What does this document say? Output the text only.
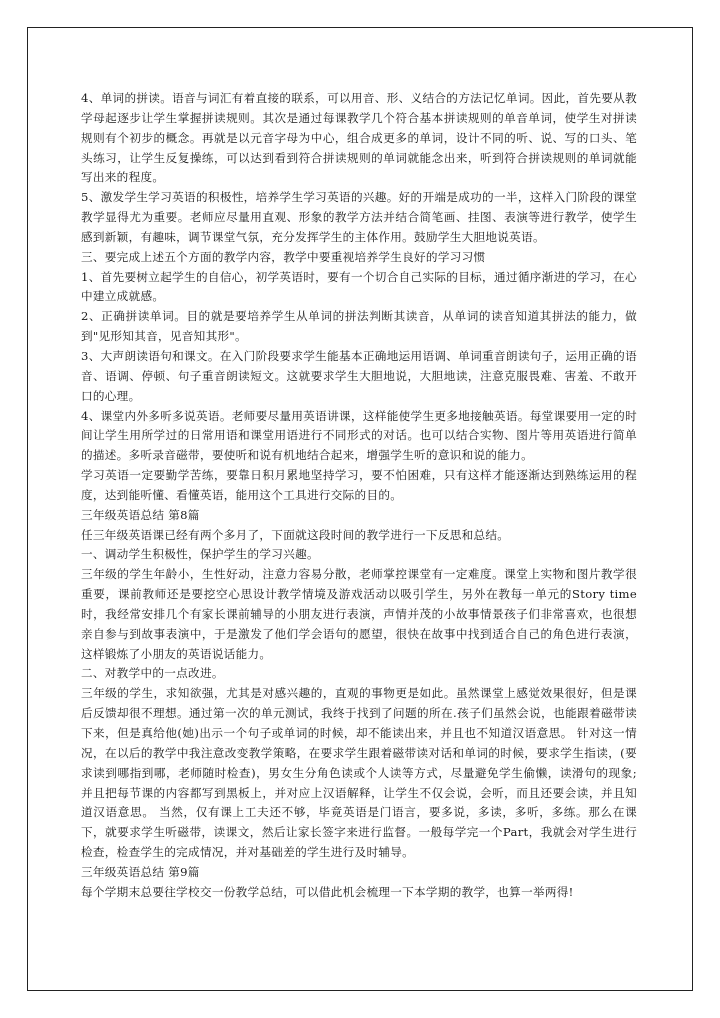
4、单词的拼读。语音与词汇有着直接的联系，可以用音、形、义结合的方法记忆单词。因此，首先要从教学母起逐步让学生掌握拼读规则。其次是通过每课教学几个符合基本拼读规则的单音单词，使学生对拼读规则有个初步的概念。再就是以元音字母为中心，组合成更多的单词，设计不同的听、说、写的口头、笔头练习，让学生反复操练，可以达到看到符合拼读规则的单词就能念出来，听到符合拼读规则的单词就能写出来的程度。

5、激发学生学习英语的积极性，培养学生学习英语的兴趣。好的开端是成功的一半，这样入门阶段的课堂教学显得尤为重要。老师应尽量用直观、形象的教学方法并结合简笔画、挂图、表演等进行教学，使学生感到新颖，有趣味，调节课堂气氛，充分发挥学生的主体作用。鼓励学生大胆地说英语。

三、要完成上述五个方面的教学内容，教学中要重视培养学生良好的学习习惯

1、首先要树立起学生的自信心，初学英语时，要有一个切合自己实际的目标，通过循序渐进的学习，在心中建立成就感。

2、正确拼读单词。目的就是要培养学生从单词的拼法判断其读音，从单词的读音知道其拼法的能力，做到"见形知其音，见音知其形"。

3、大声朗读语句和课文。在入门阶段要求学生能基本正确地运用语调、单词重音朗读句子，运用正确的语音、语调、停顿、句子重音朗读短文。这就要求学生大胆地说，大胆地读，注意克服畏难、害羞、不敢开口的心理。

4、课堂内外多听多说英语。老师要尽量用英语讲课，这样能使学生更多地接触英语。每堂课要用一定的时间让学生用所学过的日常用语和课堂用语进行不同形式的对话。也可以结合实物、图片等用英语进行简单的描述。多听录音磁带，要使听和说有机地结合起来，增强学生听的意识和说的能力。

学习英语一定要勤学苦练，要靠日积月累地坚持学习，要不怕困难，只有这样才能逐渐达到熟练运用的程度，达到能听懂、看懂英语，能用这个工具进行交际的目的。

三年级英语总结 第8篇

任三年级英语课已经有两个多月了，下面就这段时间的教学进行一下反思和总结。

一、调动学生积极性，保护学生的学习兴趣。

三年级的学生年龄小，生性好动，注意力容易分散，老师掌控课堂有一定难度。课堂上实物和图片教学很重要，课前教师还是要挖空心思设计教学情境及游戏活动以吸引学生，另外在教每一单元的Story time时，我经常安排几个有家长课前辅导的小朋友进行表演，声情并茂的小故事情景孩子们非常喜欢，也很想亲自参与到故事表演中，于是激发了他们学会语句的愿望，很快在故事中找到适合自己的角色进行表演，这样锻炼了小朋友的英语说话能力。

二、对教学中的一点改进。

三年级的学生，求知欲强，尤其是对感兴趣的，直观的事物更是如此。虽然课堂上感觉效果很好，但是课后反馈却很不理想。通过第一次的单元测试，我终于找到了问题的所在.孩子们虽然会说，也能跟着磁带读下来，但是真给他(她)出示一个句子或单词的时候，却不能读出来，并且也不知道汉语意思。 针对这一情况，在以后的教学中我注意改变教学策略，在要求学生跟着磁带读对话和单词的时候，要求学生指读，(要求读到哪指到哪，老师随时检查)，男女生分角色读或个人读等方式，尽量避免学生偷懒，读滑句的现象;并且把每节课的内容都写到黑板上，并对应上汉语解释，让学生不仅会说，会听，而且还要会读，并且知道汉语意思。 当然，仅有课上工夫还不够，毕竟英语是门语言，要多说，多读，多听，多练。那么在课下，就要求学生听磁带，读课文，然后让家长签字来进行监督。一般每学完一个Part，我就会对学生进行检查，检查学生的完成情况，并对基础差的学生进行及时辅导。

三年级英语总结 第9篇

每个学期末总要往学校交一份教学总结，可以借此机会梳理一下本学期的教学，也算一举两得!
